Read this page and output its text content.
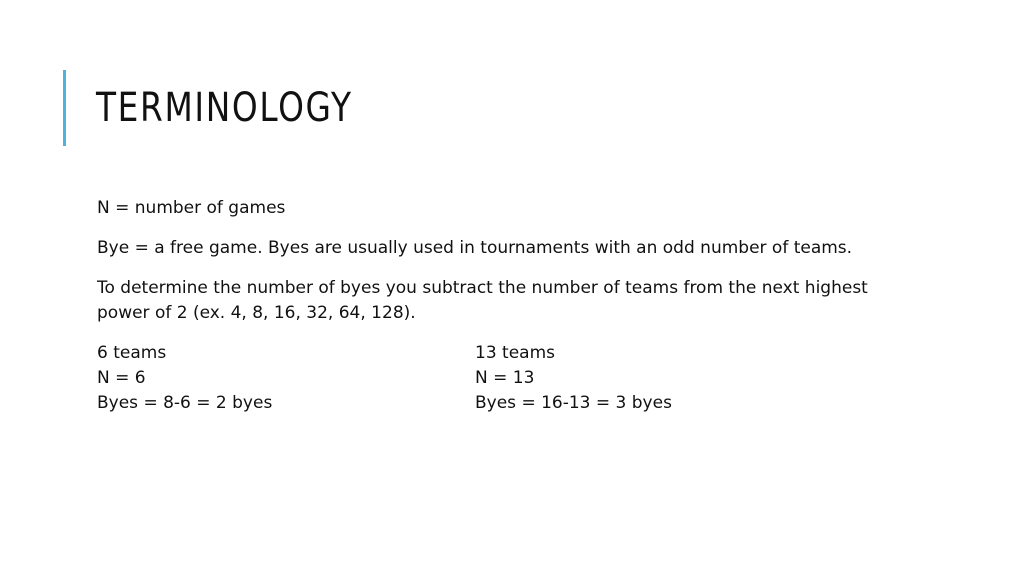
TERMINOLOGY

N = number of games

Bye = a free game. Byes are usually used in tournaments with an odd number of teams.

To determine the number of byes you subtract the number of teams from the next highest power of 2 (ex. 4, 8, 16, 32, 64, 128).

6 teams
N = 6
Byes = 8-6 = 2 byes
13 teams
N = 13
Byes = 16-13 = 3 byes
